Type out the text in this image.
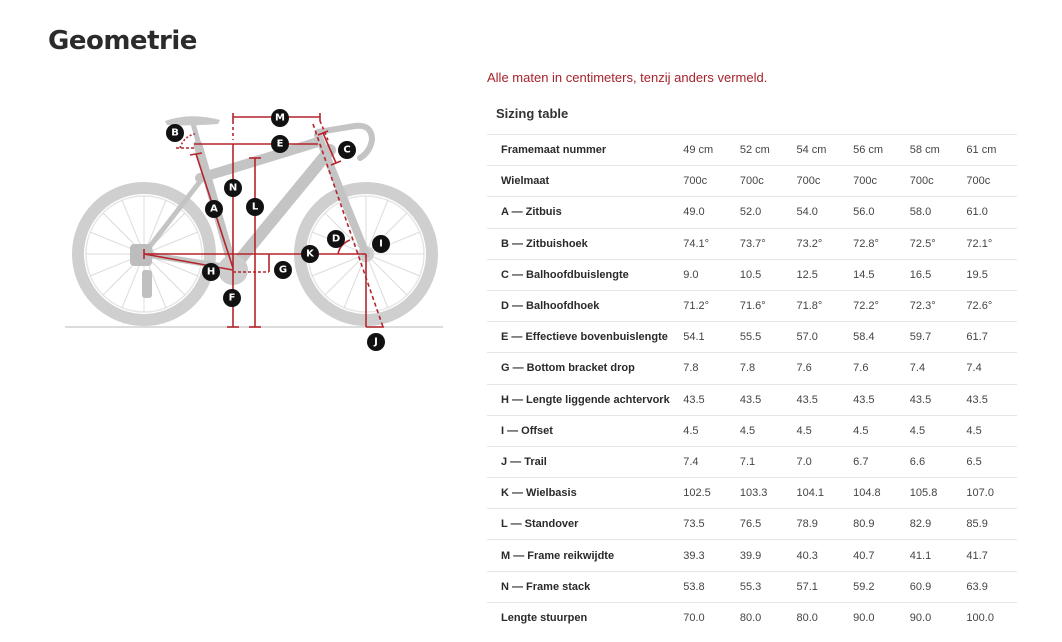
Geometrie
A
B
C
D
E
F
G
H
I
J
K
L
M
N
Alle maten in centimeters, tenzij anders vermeld.
Sizing table
Framemaat nummer	49 cm	52 cm	54 cm	56 cm	58 cm	61 cm
Wielmaat	700c	700c	700c	700c	700c	700c
A — Zitbuis	49.0	52.0	54.0	56.0	58.0	61.0
B — Zitbuishoek	74.1°	73.7°	73.2°	72.8°	72.5°	72.1°
C — Balhoofdbuislengte	9.0	10.5	12.5	14.5	16.5	19.5
D — Balhoofdhoek	71.2°	71.6°	71.8°	72.2°	72.3°	72.6°
E — Effectieve bovenbuislengte	54.1	55.5	57.0	58.4	59.7	61.7
G — Bottom bracket drop	7.8	7.8	7.6	7.6	7.4	7.4
H — Lengte liggende achtervork	43.5	43.5	43.5	43.5	43.5	43.5
I — Offset	4.5	4.5	4.5	4.5	4.5	4.5
J — Trail	7.4	7.1	7.0	6.7	6.6	6.5
K — Wielbasis	102.5	103.3	104.1	104.8	105.8	107.0
L — Standover	73.5	76.5	78.9	80.9	82.9	85.9
M — Frame reikwijdte	39.3	39.9	40.3	40.7	41.1	41.7
N — Frame stack	53.8	55.3	57.1	59.2	60.9	63.9
Lengte stuurpen	70.0	80.0	80.0	90.0	90.0	100.0
